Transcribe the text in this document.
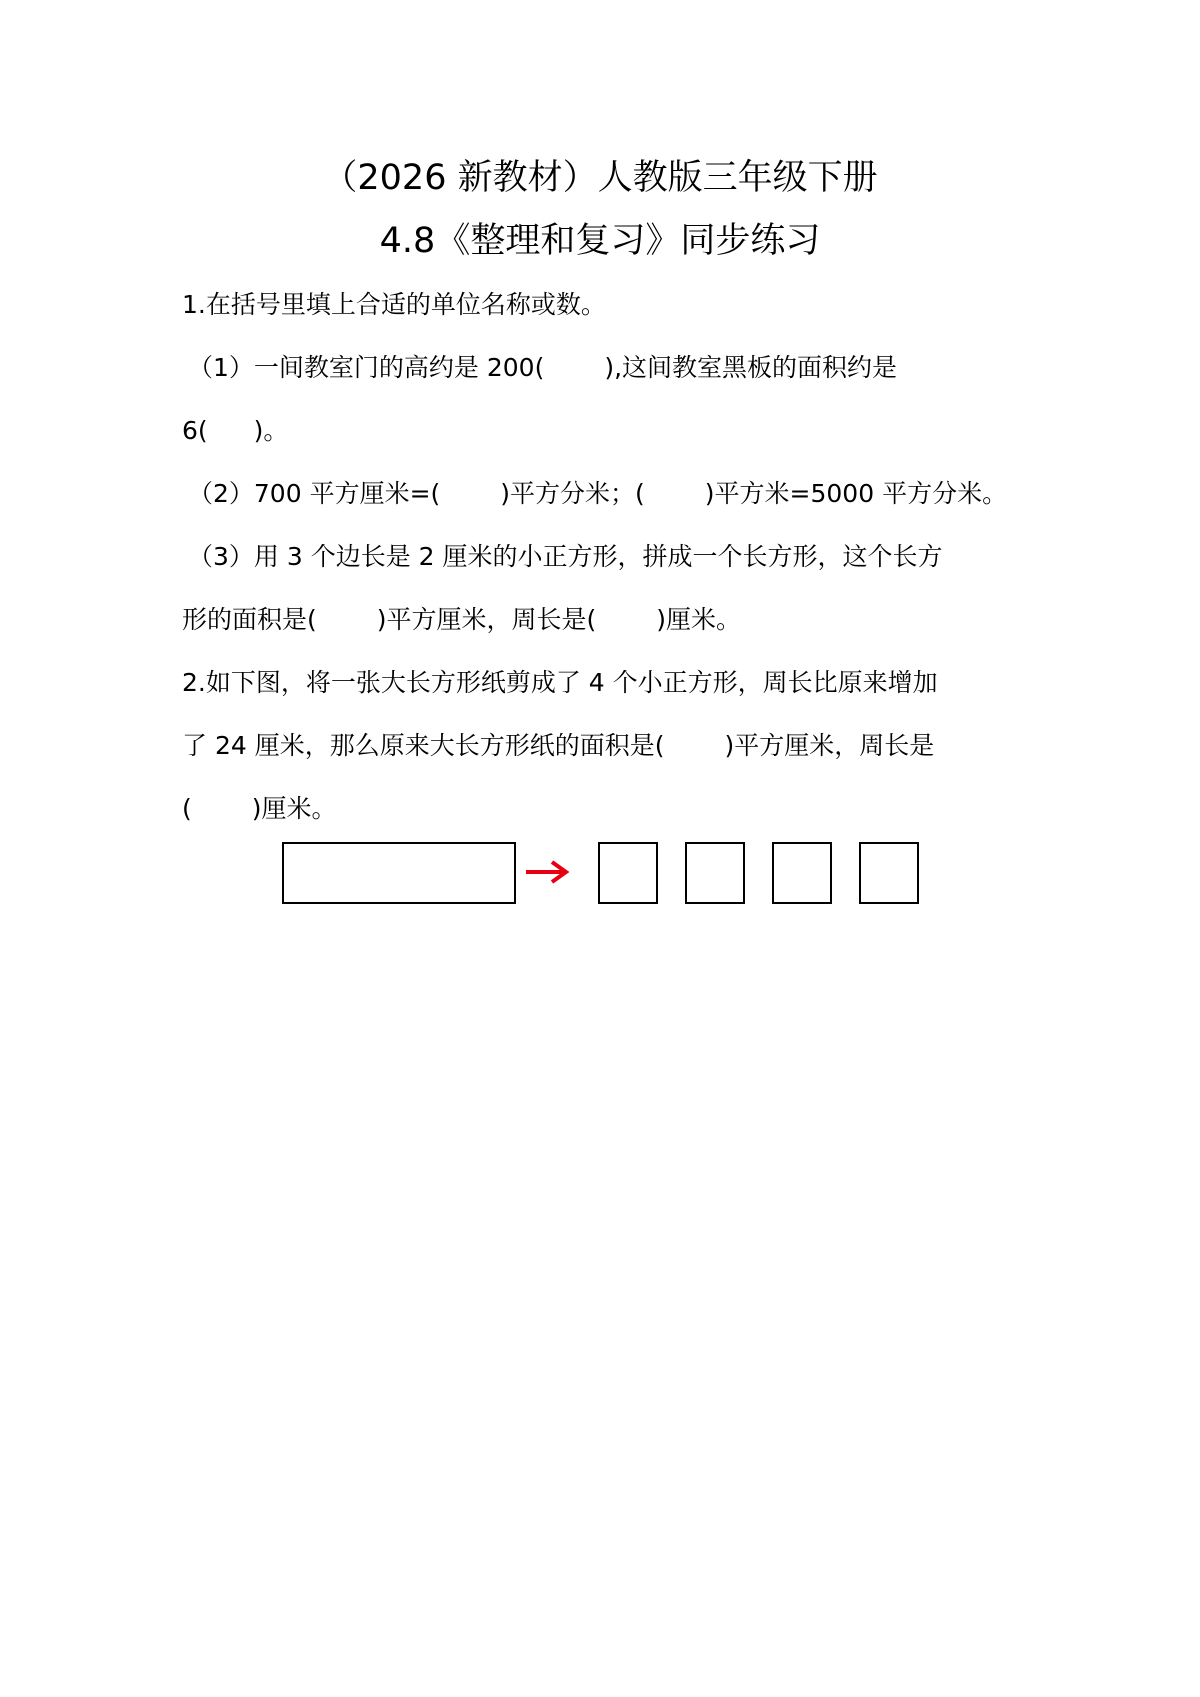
（2026 新教材）人教版三年级下册
4.8《整理和复习》同步练习
1.在括号里填上合适的单位名称或数。
（1）一间教室门的高约是 200( ),这间教室黑板的面积约是
6( )。
（2）700 平方厘米=( )平方分米；( )平方米=5000 平方分米。
（3）用 3 个边长是 2 厘米的小正方形，拼成一个长方形，这个长方
形的面积是( )平方厘米，周长是( )厘米。
2.如下图，将一张大长方形纸剪成了 4 个小正方形，周长比原来增加
了 24 厘米，那么原来大长方形纸的面积是( )平方厘米，周长是
( )厘米。
